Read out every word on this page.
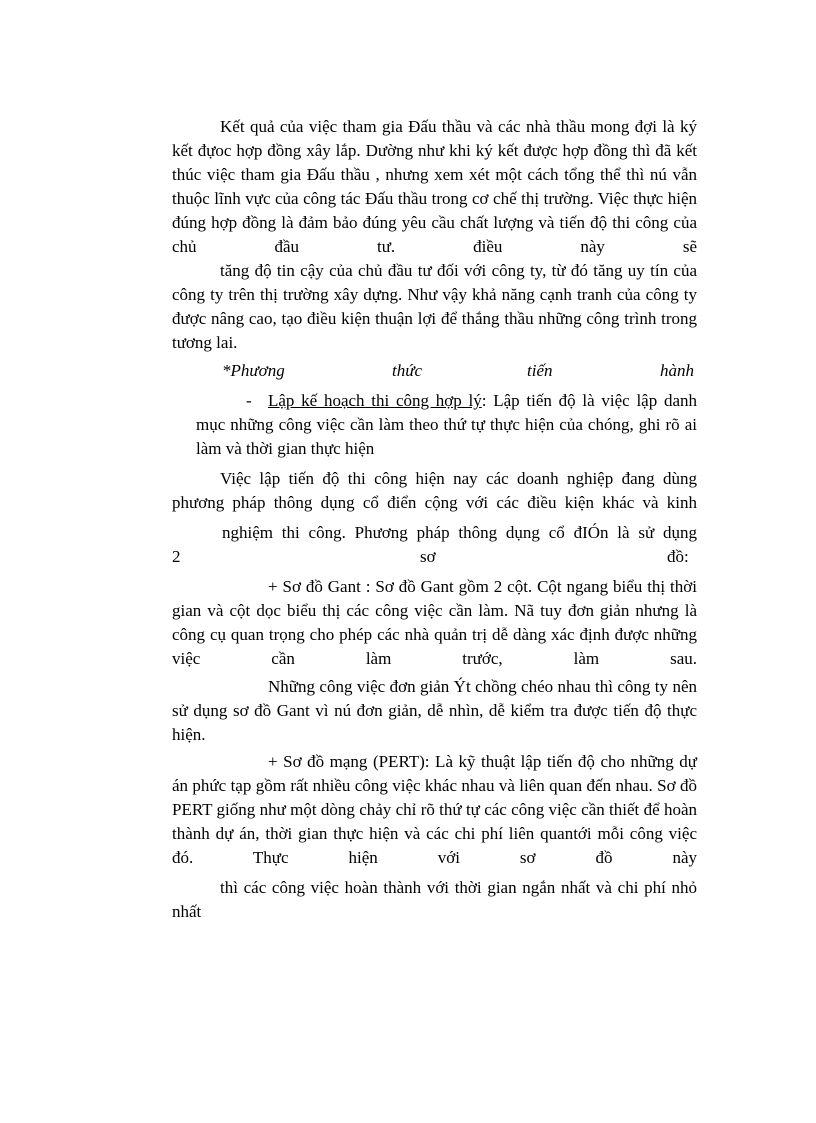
Kết quả của việc tham gia Đấu thầu và các nhà thầu mong đợi là ký kết đựoc hợp đồng xây lắp. Dường như khi ký kết được hợp đồng thì đã kết thúc việc tham gia Đấu thầu , nhưng xem xét một cách tổng thể thì nú vẫn thuộc lĩnh vực của công tác Đấu thầu trong cơ chế thị trường. Việc thực hiện đúng hợp đồng là đảm bảo đúng yêu cầu chất lượng và tiến độ thi công của chủ đầu tư. điều này sẽ

tăng độ tin cậy của chủ đầu tư đối với công ty, từ đó tăng uy tín của công ty trên thị trường xây dựng. Như vậy khả năng cạnh tranh của công ty được nâng cao, tạo điều kiện thuận lợi để thắng thầu những công trình trong tương lai.

*Phương	thức	tiến	hành
- Lập kế hoạch thi công hợp lý: Lập tiến độ là việc lập danh mục những công việc cần làm theo thứ tự thực hiện của chóng, ghi rõ ai làm và thời gian thực hiện

Việc lập tiến độ thi công hiện nay các doanh nghiệp đang dùng phương pháp thông dụng cổ điển cộng với các điều kiện khác và kinh

nghiệm thi công. Phương pháp thông dụng cổ đIÓn là sử dụng

2	sơ	đồ:

+ Sơ đồ Gant : Sơ đồ Gant gồm 2 cột. Cột ngang biểu thị thời gian và cột dọc biểu thị các công việc cần làm. Nã tuy đơn giản nhưng là công cụ quan trọng cho phép các nhà quản trị dễ dàng xác định được những việc cần làm trước, làm sau.

Những công việc đơn giản Ýt chồng chéo nhau thì công ty nên sử dụng sơ đồ Gant vì nú đơn giản, dễ nhìn, dễ kiểm tra được tiến độ thực hiện.

+ Sơ đồ mạng (PERT): Là kỹ thuật lập tiến độ cho những dự án phức tạp gồm rất nhiều công việc khác nhau và liên quan đến nhau. Sơ đồ PERT giống như một dòng chảy chỉ rõ thứ tự các công việc cần thiết để hoàn thành dự án, thời gian thực hiện và các chi phí liên quantới mỗi công việc đó. Thực hiện với sơ đồ này

thì các công việc hoàn thành với thời gian ngắn nhất và chi phí nhỏ nhất
